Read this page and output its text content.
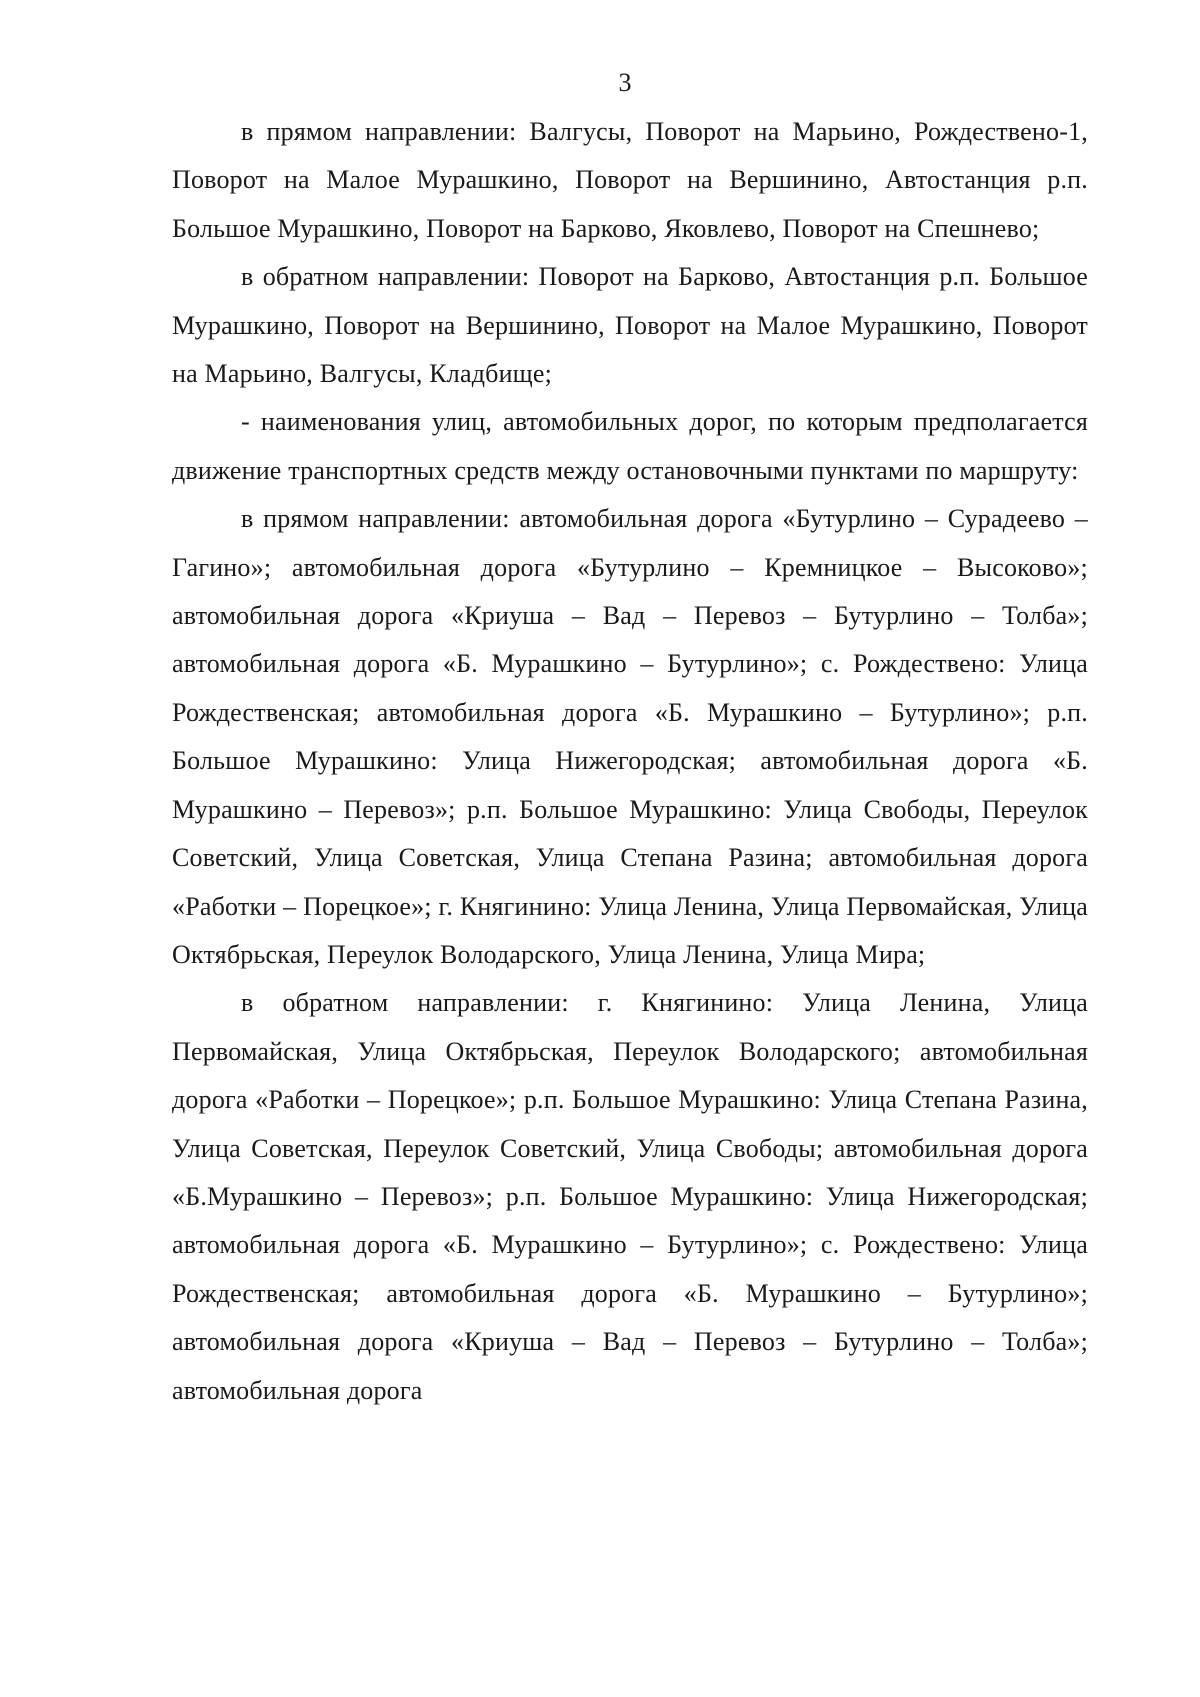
3

в прямом направлении: Валгусы, Поворот на Марьино, Рождествено-1, Поворот на Малое Мурашкино, Поворот на Вершинино, Автостанция р.п. Большое Мурашкино, Поворот на Барково, Яковлево, Поворот на Спешнево;

в обратном направлении: Поворот на Барково, Автостанция р.п. Большое Мурашкино, Поворот на Вершинино, Поворот на Малое Мурашкино, Поворот на Марьино, Валгусы, Кладбище;

- наименования улиц, автомобильных дорог, по которым предполагается движение транспортных средств между остановочными пунктами по маршруту:

в прямом направлении: автомобильная дорога «Бутурлино – Сурадеево – Гагино»; автомобильная дорога «Бутурлино – Кремницкое – Высоково»; автомобильная дорога «Криуша – Вад – Перевоз – Бутурлино – Толба»; автомобильная дорога «Б. Мурашкино – Бутурлино»; с. Рождествено: Улица Рождественская; автомобильная дорога «Б. Мурашкино – Бутурлино»; р.п. Большое Мурашкино: Улица Нижегородская; автомобильная дорога «Б. Мурашкино – Перевоз»; р.п. Большое Мурашкино: Улица Свободы, Переулок Советский, Улица Советская, Улица Степана Разина; автомобильная дорога «Работки – Порецкое»; г. Княгинино: Улица Ленина, Улица Первомайская, Улица Октябрьская, Переулок Володарского, Улица Ленина, Улица Мира;

в обратном направлении: г. Княгинино: Улица Ленина, Улица Первомайская, Улица Октябрьская, Переулок Володарского; автомобильная дорога «Работки – Порецкое»; р.п. Большое Мурашкино: Улица Степана Разина, Улица Советская, Переулок Советский, Улица Свободы; автомобильная дорога «Б.Мурашкино – Перевоз»; р.п. Большое Мурашкино: Улица Нижегородская; автомобильная дорога «Б. Мурашкино – Бутурлино»; с. Рождествено: Улица Рождественская; автомобильная дорога «Б. Мурашкино – Бутурлино»; автомобильная дорога «Криуша – Вад – Перевоз – Бутурлино – Толба»; автомобильная дорога
